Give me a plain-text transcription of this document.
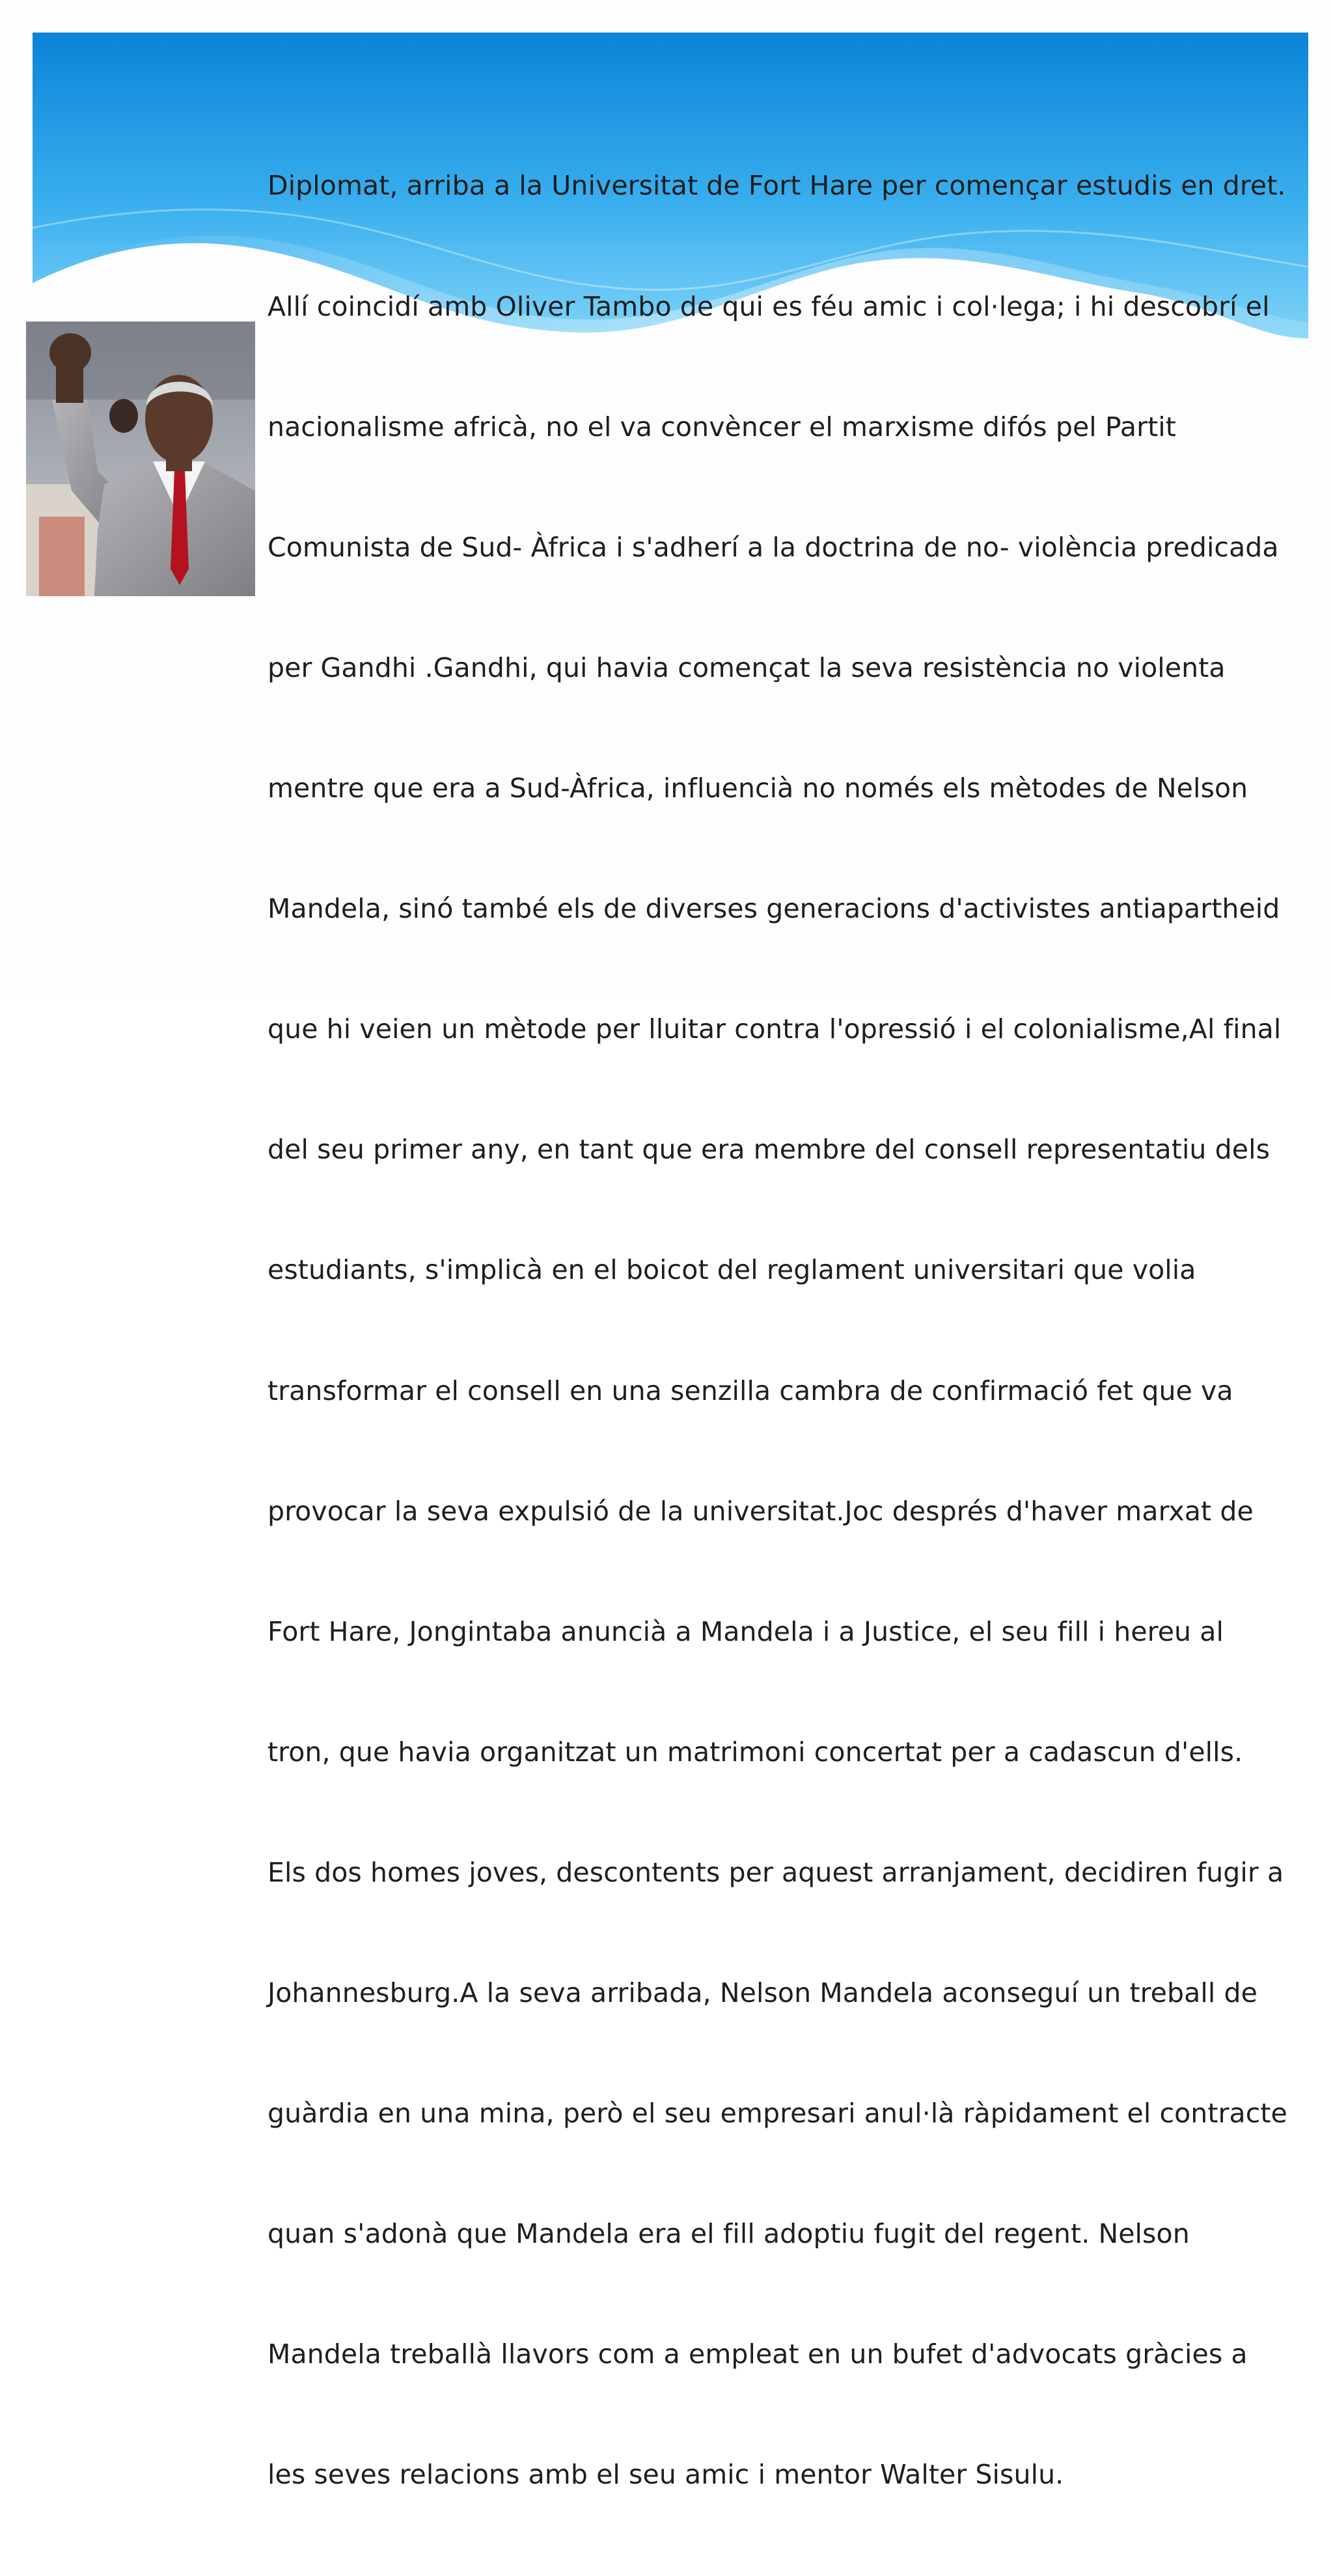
Diplomat, arriba a la Universitat de Fort Hare per començar estudis en dret.

Allí coincidí amb Oliver Tambo de qui es féu amic i col·lega; i hi descobrí el

nacionalisme africà, no el va convèncer el marxisme difós pel Partit

Comunista de Sud- Àfrica i s'adherí a la doctrina de no- violència predicada

per Gandhi .Gandhi, qui havia començat la seva resistència no violenta

mentre que era a Sud-Àfrica, influencià no només els mètodes de Nelson

Mandela, sinó també els de diverses generacions d'activistes antiapartheid

que hi veien un mètode per lluitar contra l'opressió i el colonialisme,Al final

del seu primer any, en tant que era membre del consell representatiu dels

estudiants, s'implicà en el boicot del reglament universitari que volia

transformar el consell en una senzilla cambra de confirmació fet que va

provocar la seva expulsió de la universitat.Joc després d'haver marxat de

Fort Hare, Jongintaba anuncià a Mandela i a Justice, el seu fill i hereu al

tron, que havia organitzat un matrimoni concertat per a cadascun d'ells.

Els dos homes joves, descontents per aquest arranjament, decidiren fugir a

Johannesburg.A la seva arribada, Nelson Mandela aconseguí un treball de

guàrdia en una mina, però el seu empresari anul·là ràpidament el contracte

quan s'adonà que Mandela era el fill adoptiu fugit del regent. Nelson

Mandela treballà llavors com a empleat en un bufet d'advocats gràcies a

les seves relacions amb el seu amic i mentor Walter Sisulu.
